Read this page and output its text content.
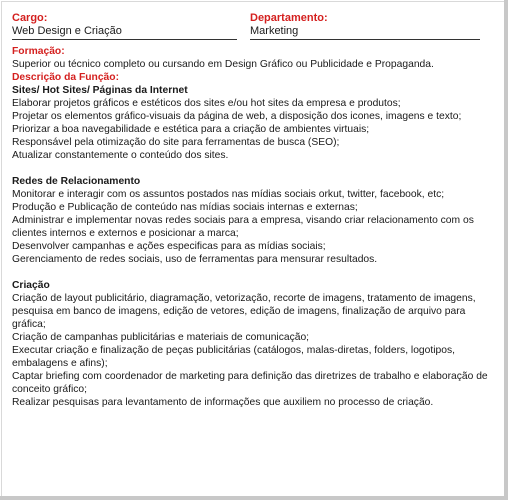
Cargo:
Web Design e Criação
Departamento:
Marketing
Formação:
Superior ou técnico completo ou cursando em Design Gráfico ou Publicidade e Propaganda.
Descrição da Função:
Sites/ Hot Sites/ Páginas da Internet
Elaborar projetos gráficos e estéticos dos sites e/ou hot sites da empresa e produtos;
Projetar os elementos gráfico-visuais da página de web, a disposição dos icones, imagens e texto;
Priorizar a boa navegabilidade e estética para a criação de ambientes virtuais;
Responsável pela otimização do site para ferramentas de busca (SEO);
Atualizar constantemente o conteúdo dos sites.
Redes de Relacionamento
Monitorar e interagir com os assuntos postados nas mídias sociais orkut, twitter, facebook, etc;
Produção e Publicação de conteúdo nas mídias sociais internas e externas;
Administrar e implementar novas redes sociais para a empresa, visando criar relacionamento com os clientes internos e externos e posicionar a marca;
Desenvolver campanhas e ações especificas para as mídias sociais;
Gerenciamento de redes sociais, uso de ferramentas para mensurar resultados.
Criação
Criação de layout publicitário, diagramação, vetorização, recorte de imagens, tratamento de imagens, pesquisa em banco de imagens, edição de vetores, edição de imagens, finalização de arquivo para gráfica;
Criação de campanhas publicitárias e materiais de comunicação;
Executar criação e finalização de peças publicitárias (catálogos, malas-diretas, folders, logotipos, embalagens e afins);
Captar briefing com coordenador de marketing para definição das diretrizes de trabalho e elaboração de conceito gráfico;
Realizar pesquisas para levantamento de informações que auxiliem no processo de criação.
